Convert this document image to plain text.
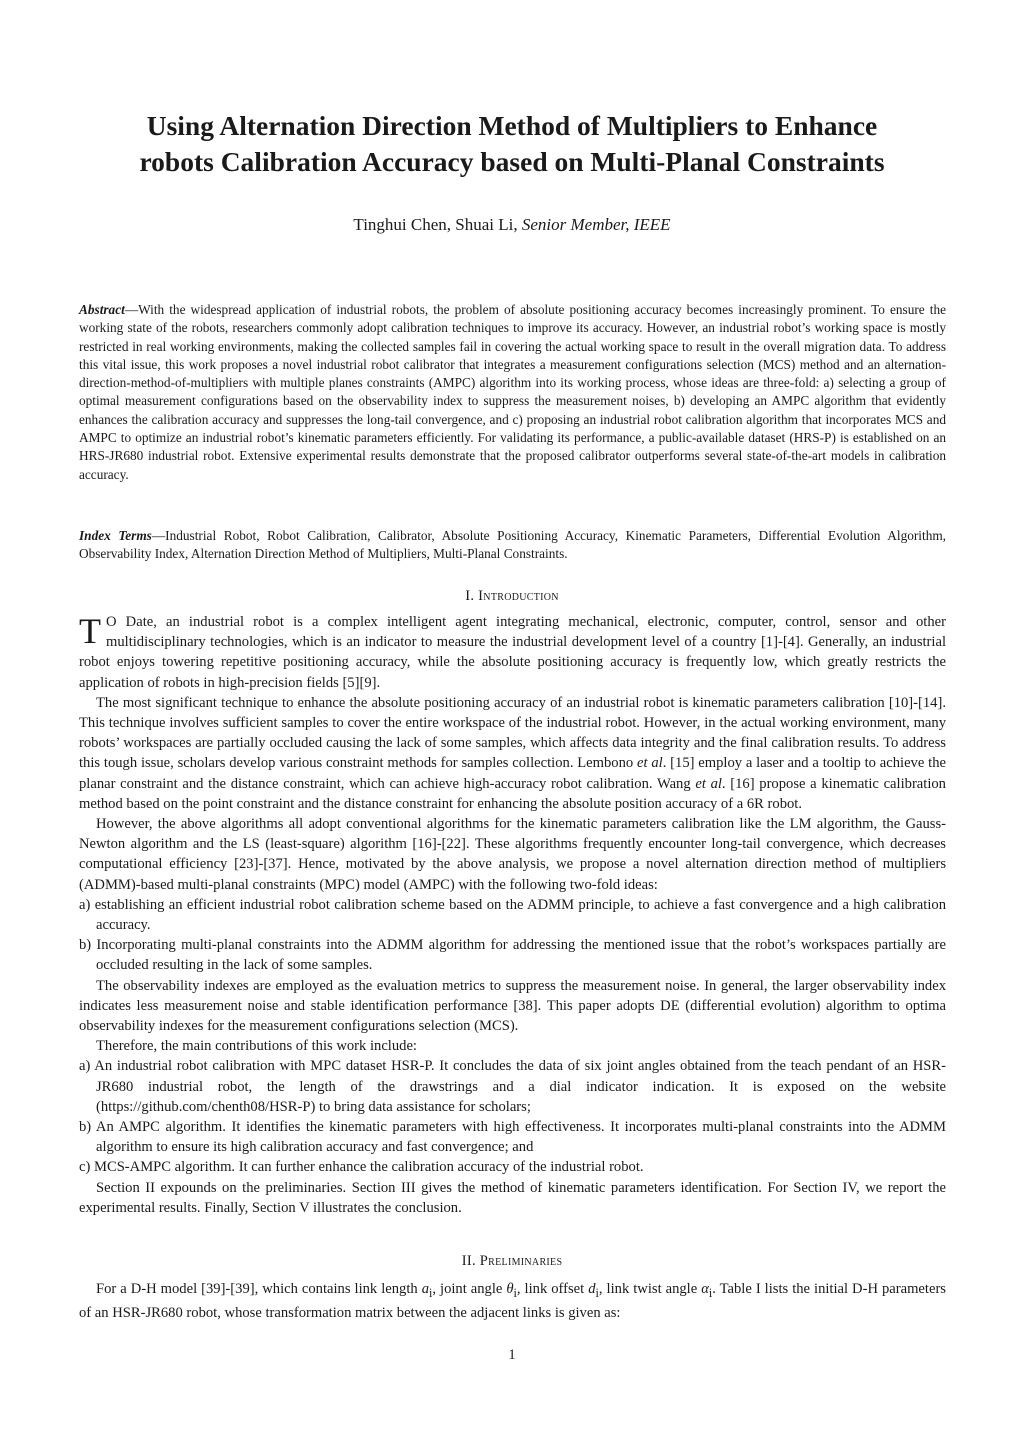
Using Alternation Direction Method of Multipliers to Enhance
robots Calibration Accuracy based on Multi-Planal Constraints
Tinghui Chen, Shuai Li, Senior Member, IEEE
Abstract—With the widespread application of industrial robots, the problem of absolute positioning accuracy becomes increasingly prominent. To ensure the working state of the robots, researchers commonly adopt calibration techniques to improve its accuracy. However, an industrial robot’s working space is mostly restricted in real working environments, making the collected samples fail in covering the actual working space to result in the overall migration data. To address this vital issue, this work proposes a novel industrial robot calibrator that integrates a measurement configurations selection (MCS) method and an alternation-direction-method-of-multipliers with multiple planes constraints (AMPC) algorithm into its working process, whose ideas are three-fold: a) selecting a group of optimal measurement configurations based on the observability index to suppress the measurement noises, b) developing an AMPC algorithm that evidently enhances the calibration accuracy and suppresses the long-tail convergence, and c) proposing an industrial robot calibration algorithm that incorporates MCS and AMPC to optimize an industrial robot’s kinematic parameters efficiently. For validating its performance, a public-available dataset (HRS-P) is established on an HRS-JR680 industrial robot. Extensive experimental results demonstrate that the proposed calibrator outperforms several state-of-the-art models in calibration accuracy.
Index Terms—Industrial Robot, Robot Calibration, Calibrator, Absolute Positioning Accuracy, Kinematic Parameters, Differential Evolution Algorithm, Observability Index, Alternation Direction Method of Multipliers, Multi-Planal Constraints.
I. Introduction

T O Date, an industrial robot is a complex intelligent agent integrating mechanical, electronic, computer, control, sensor and other multidisciplinary technologies, which is an indicator to measure the industrial development level of a country [1]-[4]. Generally, an industrial robot enjoys towering repetitive positioning accuracy, while the absolute positioning accuracy is frequently low, which greatly restricts the application of robots in high-precision fields [5][9].

The most significant technique to enhance the absolute positioning accuracy of an industrial robot is kinematic parameters calibration [10]-[14]. This technique involves sufficient samples to cover the entire workspace of the industrial robot. However, in the actual working environment, many robots’ workspaces are partially occluded causing the lack of some samples, which affects data integrity and the final calibration results. To address this tough issue, scholars develop various constraint methods for samples collection. Lembono et al. [15] employ a laser and a tooltip to achieve the planar constraint and the distance constraint, which can achieve high-accuracy robot calibration. Wang et al. [16] propose a kinematic calibration method based on the point constraint and the distance constraint for enhancing the absolute position accuracy of a 6R robot.

However, the above algorithms all adopt conventional algorithms for the kinematic parameters calibration like the LM algorithm, the Gauss-Newton algorithm and the LS (least-square) algorithm [16]-[22]. These algorithms frequently encounter long-tail convergence, which decreases computational efficiency [23]-[37]. Hence, motivated by the above analysis, we propose a novel alternation direction method of multipliers (ADMM)-based multi-planal constraints (MPC) model (AMPC) with the following two-fold ideas:

a) establishing an efficient industrial robot calibration scheme based on the ADMM principle, to achieve a fast convergence and a high calibration accuracy.

b) Incorporating multi-planal constraints into the ADMM algorithm for addressing the mentioned issue that the robot’s workspaces partially are occluded resulting in the lack of some samples.

The observability indexes are employed as the evaluation metrics to suppress the measurement noise. In general, the larger observability index indicates less measurement noise and stable identification performance [38]. This paper adopts DE (differential evolution) algorithm to optima observability indexes for the measurement configurations selection (MCS).

Therefore, the main contributions of this work include:

a) An industrial robot calibration with MPC dataset HSR-P. It concludes the data of six joint angles obtained from the teach pendant of an HSR-JR680 industrial robot, the length of the drawstrings and a dial indicator indication. It is exposed on the website (https://github.com/chenth08/HSR-P) to bring data assistance for scholars;

b) An AMPC algorithm. It identifies the kinematic parameters with high effectiveness. It incorporates multi-planal constraints into the ADMM algorithm to ensure its high calibration accuracy and fast convergence; and

c) MCS-AMPC algorithm. It can further enhance the calibration accuracy of the industrial robot.

Section II expounds on the preliminaries. Section III gives the method of kinematic parameters identification. For Section IV, we report the experimental results. Finally, Section V illustrates the conclusion.

II. Preliminaries

For a D-H model [39]-[39], which contains link length $a_i$, joint angle $\theta_i$, link offset $d_i$, link twist angle $\alpha_i$. Table I lists the initial D-H parameters of an HSR-JR680 robot, whose transformation matrix between the adjacent links is given as:

1
